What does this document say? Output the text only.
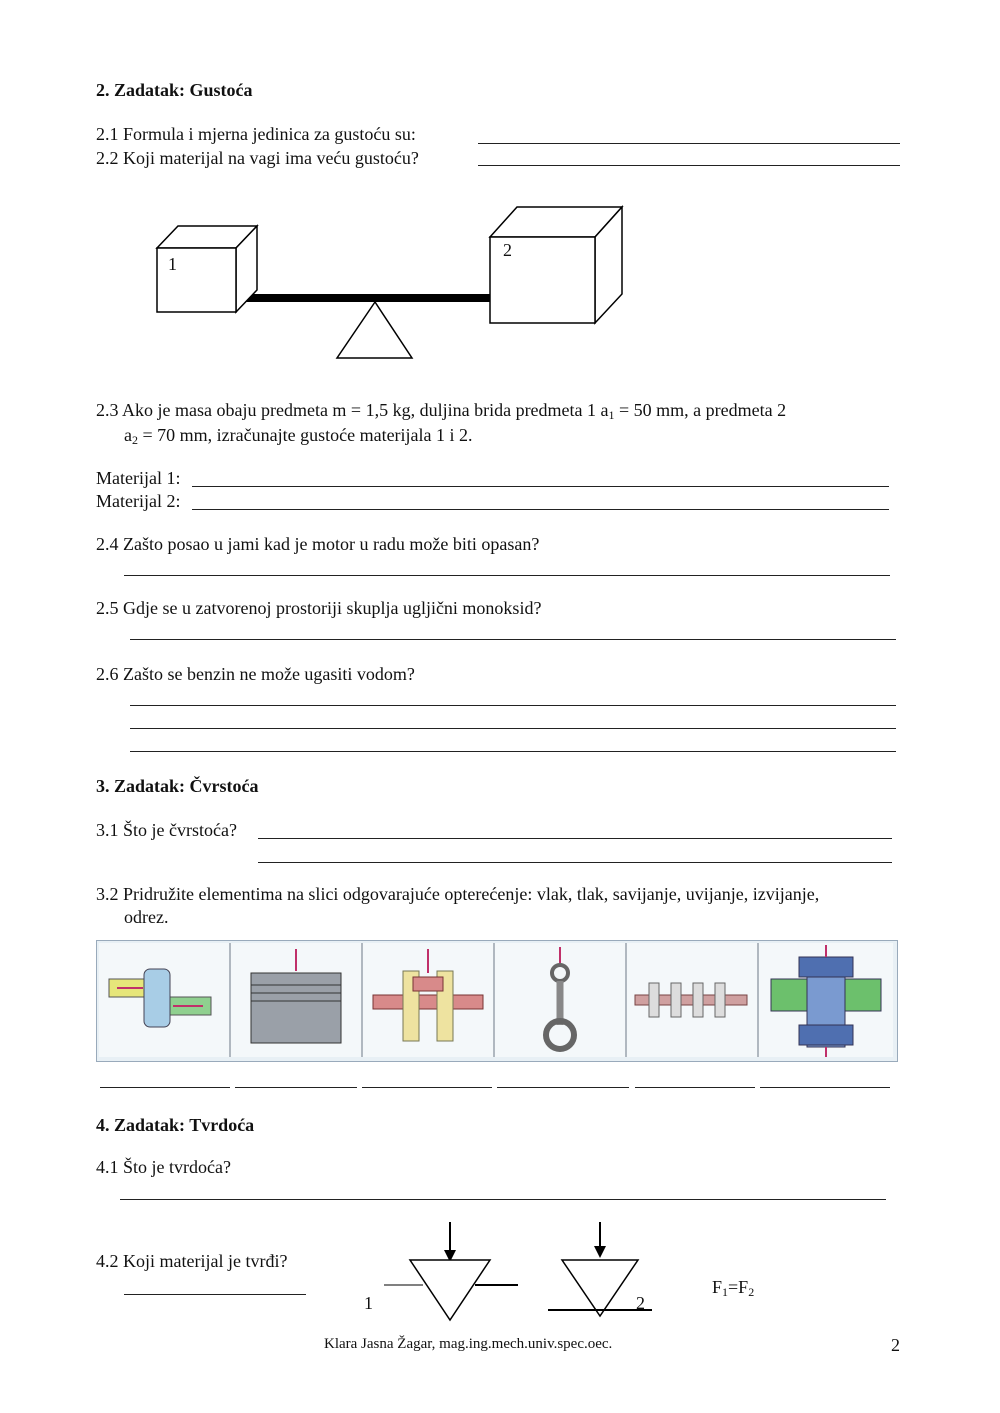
2. Zadatak: Gustoća
2.1 Formula i mjerna jedinica za gustoću su:
2.2 Koji materijal na vagi ima veću gustoću?
1
2
2.3 Ako je masa obaju predmeta m = 1,5 kg, duljina brida predmeta 1 $a_1 = 50$ mm, a predmeta 2
$a_2 = 70$ mm, izračunajte gustoće materijala 1 i 2.
Materijal 1:
Materijal 2:
2.4 Zašto posao u jami kad je motor u radu može biti opasan?
2.5 Gdje se u zatvorenoj prostoriji skuplja ugljični monoksid?
2.6 Zašto se benzin ne može ugasiti vodom?
3. Zadatak: Čvrstoća
3.1 Što je čvrstoća?
3.2 Pridružite elementima na slici odgovarajuće opterećenje: vlak, tlak, savijanje, uvijanje, izvijanje,
odrez.
4. Zadatak: Tvrdoća
4.1 Što je tvrdoća?
4.2 Koji materijal je tvrđi?
1	2
$F_1=F_2$
Klara Jasna Žagar, mag.ing.mech.univ.spec.oec.	2
